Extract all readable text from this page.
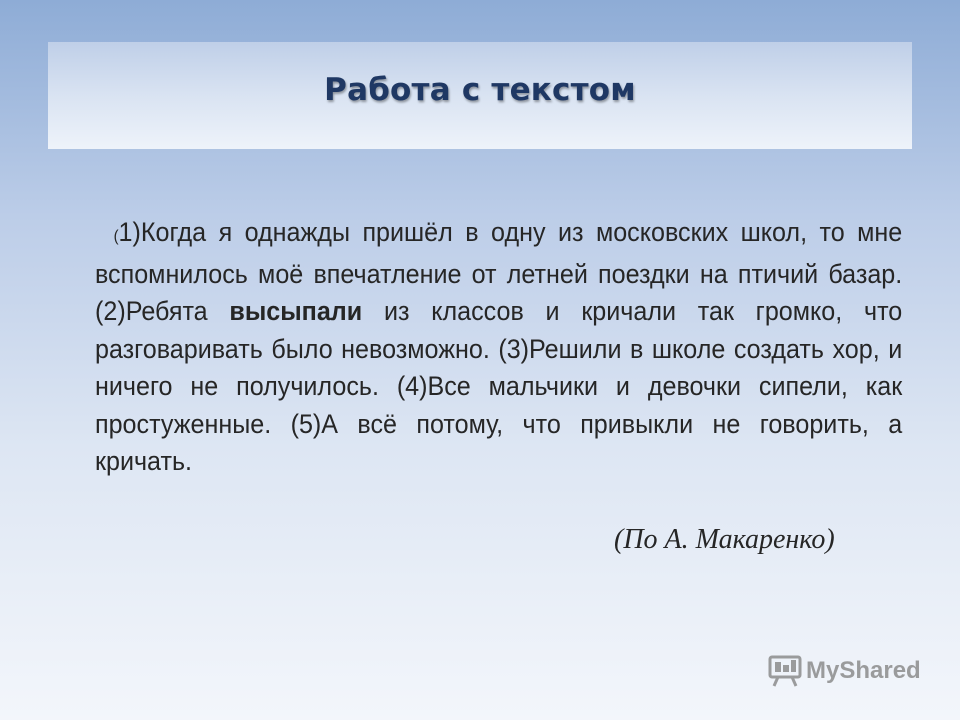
Работа с текстом
(1)Когда я однажды пришёл в одну из московских школ, то мне вспомнилось моё впечатление от летней поездки на птичий базар. (2)Ребята высыпали из классов и кричали так громко, что разговаривать было невозможно. (3)Решили в школе создать хор, и ничего не получилось. (4)Все мальчики и девочки сипели, как простуженные. (5)А всё потому, что привыкли не говорить, а кричать.
(По А. Макаренко)
MyShared
